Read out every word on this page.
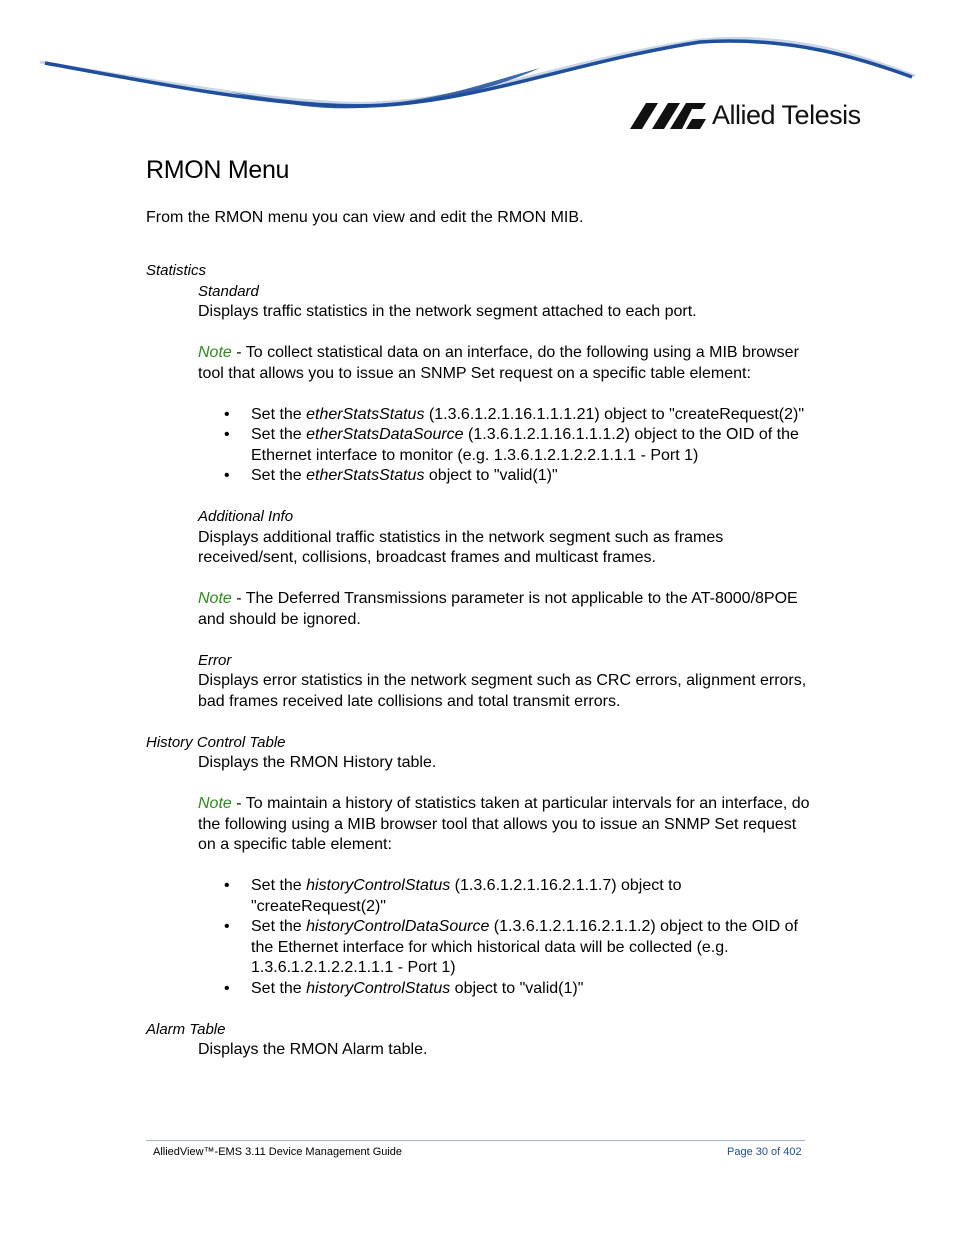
Allied Telesis
RMON Menu

From the RMON menu you can view and edit the RMON MIB.

Statistics

Standard

Displays traffic statistics in the network segment attached to each port.

Note - To collect statistical data on an interface, do the following using a MIB browser tool that allows you to issue an SNMP Set request on a specific table element:

• Set the etherStatsStatus (1.3.6.1.2.1.16.1.1.1.21) object to "createRequest(2)"
• Set the etherStatsDataSource (1.3.6.1.2.1.16.1.1.1.2) object to the OID of the Ethernet interface to monitor (e.g. 1.3.6.1.2.1.2.2.1.1.1 - Port 1)
• Set the etherStatsStatus object to "valid(1)"

Additional Info

Displays additional traffic statistics in the network segment such as frames received/sent, collisions, broadcast frames and multicast frames.

Note - The Deferred Transmissions parameter is not applicable to the AT-8000/8POE and should be ignored.

Error

Displays error statistics in the network segment such as CRC errors, alignment errors, bad frames received late collisions and total transmit errors.

History Control Table

Displays the RMON History table.

Note - To maintain a history of statistics taken at particular intervals for an interface, do the following using a MIB browser tool that allows you to issue an SNMP Set request on a specific table element:

• Set the historyControlStatus (1.3.6.1.2.1.16.2.1.1.7) object to "createRequest(2)"
• Set the historyControlDataSource (1.3.6.1.2.1.16.2.1.1.2) object to the OID of the Ethernet interface for which historical data will be collected (e.g. 1.3.6.1.2.1.2.2.1.1.1 - Port 1)
• Set the historyControlStatus object to "valid(1)"

Alarm Table

Displays the RMON Alarm table.

AlliedView™-EMS 3.11 Device Management Guide	Page 30 of 402
